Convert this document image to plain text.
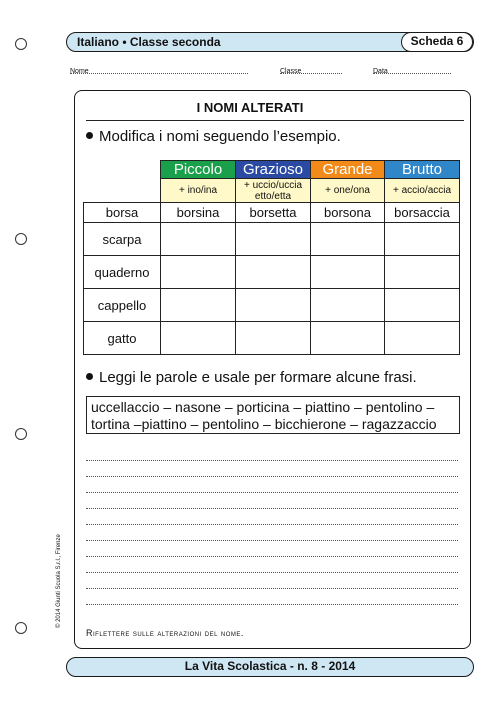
Italiano • Classe seconda	Scheda 6
Nome	Classe	Data
I NOMI ALTERATI
Modifica i nomi seguendo l’esempio.
	Piccolo	Grazioso	Grande	Brutto
	+ ino/ina	+ uccio/uccia etto/etta	+ one/ona	+ accio/accia
borsa	borsina	borsetta	borsona	borsaccia
scarpa				
quaderno				
cappello				
gatto				
Leggi le parole e usale per formare alcune frasi.
uccellaccio – nasone – porticina – piattino – pentolino –
tortina –piattino – pentolino – bicchierone – ragazzaccio
Riflettere sulle alterazioni del nome.
© 2014 Giunti Scuola S.r.l., Firenze
La Vita Scolastica - n. 8 - 2014
